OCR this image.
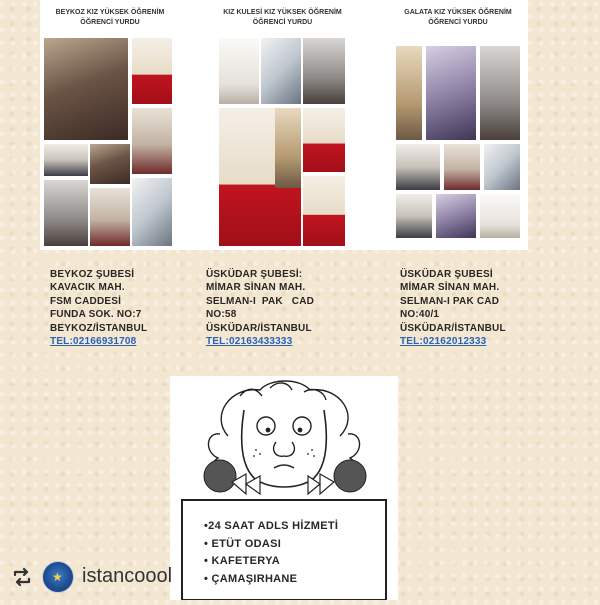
BEYKOZ KIZ YÜKSEK ÖĞRENİM ÖĞRENCİ YURDU
KIZ KULESİ KIZ YÜKSEK ÖĞRENİM ÖĞRENCİ YURDU
GALATA KIZ YÜKSEK ÖĞRENİM ÖĞRENCİ YURDU
BEYKOZ ŞUBESİ
KAVACIK MAH.
FSM CADDESİ
FUNDA SOK. NO:7
BEYKOZ/İSTANBUL
TEL:02166931708
ÜSKÜDAR ŞUBESİ:
MİMAR SİNAN MAH.
SELMAN-I  PAK   CAD
NO:58
ÜSKÜDAR/İSTANBUL
TEL:02163433333
ÜSKÜDAR ŞUBESİ
MİMAR SİNAN MAH.
SELMAN-I PAK CAD
NO:40/1
ÜSKÜDAR/İSTANBUL
TEL:02162012333
•24 SAAT ADLS HİZMETİ
• ETÜT ODASI
• KAFETERYA
• ÇAMAŞIRHANE
★ istancoool
